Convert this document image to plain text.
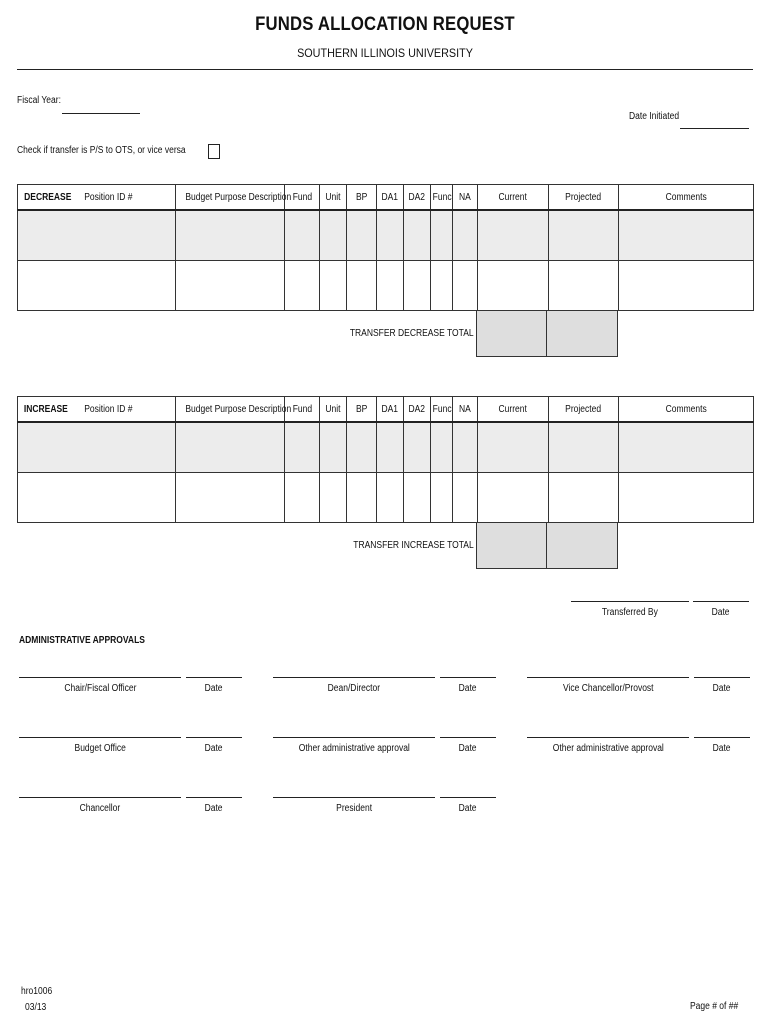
FUNDS ALLOCATION REQUEST
SOUTHERN ILLINOIS UNIVERSITY
Fiscal Year:
Date Initiated
Check if transfer is P/S to OTS, or vice versa
DECREASE	Position ID #	Budget Purpose Description	Fund	Unit	BP	DA1	DA2	Func	NA	Current	Projected	Comments

TRANSFER DECREASE TOTAL
INCREASE	Position ID #	Budget Purpose Description	Fund	Unit	BP	DA1	DA2	Func	NA	Current	Projected	Comments

TRANSFER INCREASE TOTAL
Transferred By	Date
ADMINISTRATIVE APPROVALS
Chair/Fiscal Officer	Date	Dean/Director	Date	Vice Chancellor/Provost	Date
Budget Office	Date	Other administrative approval	Date	Other administrative approval	Date
Chancellor	Date	President	Date
hro1006
03/13	Page # of ##
